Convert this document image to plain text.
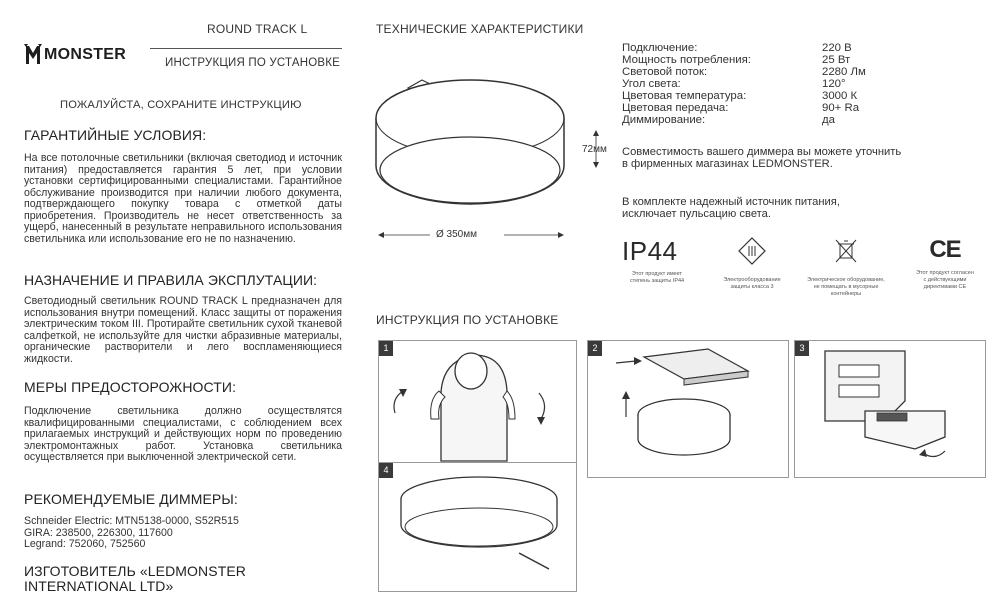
MONSTER
ROUND TRACK L
ИНСТРУКЦИЯ ПО УСТАНОВКЕ
ПОЖАЛУЙСТА, СОХРАНИТЕ ИНСТРУКЦИЮ
ГАРАНТИЙНЫЕ УСЛОВИЯ:
На все потолочные светильники (включая светодиод и источник питания) предоставляется гарантия 5 лет, при условии установки сертифицированными специалистами. Гарантийное обслуживание производится при наличии любого документа, подтверждающего покупку товара с отметкой даты приобретения. Производитель не несет ответственность за ущерб, нанесенный в результате неправильного использования светильника или использование его не по назначению.
НАЗНАЧЕНИЕ И ПРАВИЛА ЭКСПЛУТАЦИИ:
Светодиодный светильник ROUND TRACK L предназначен для использования внутри помещений. Класс защиты от поражения электрическим током III. Протирайте светильник сухой тканевой салфеткой, не используйте для чистки абразивные материалы, органические растворители и лего воспламеняющиеся жидкости.
МЕРЫ ПРЕДОСТОРОЖНОСТИ:
Подключение светильника должно осуществлятся квалифицированными специалистами, с соблюдением всех прилагаемых инструкций и действующих норм по проведению электромонтажных работ. Установка светильника осуществляется при выключенной электрической сети.
РЕКОМЕНДУЕМЫЕ ДИММЕРЫ:
Schneider Electric: MTN5138-0000, S52R515
GIRA: 238500, 226300, 117600
Legrand: 752060, 752560
ИЗГОТОВИТЕЛЬ «LEDMONSTER
INTERNATIONAL LTD»
ТЕХНИЧЕСКИЕ ХАРАКТЕРИСТИКИ
72мм
Ø 350мм
Подключение:	220 В
Мощность потребления:	25 Вт
Световой поток:	2280 Лм
Угол света:	120°
Цветовая температура:	3000 К
Цветовая передача:	90+ Ra
Диммирование:	да
Совместимость вашего диммера вы можете уточнить
в фирменных магазинах LEDMONSTER.
В комплекте надежный источник питания,
исключает пульсацию света.
IP44
Этот продукт имеет
степень защиты IP44	Электрооборудование
защиты класса 3
Электрическое оборудование,
не помещать в мусорные
контейнеры
CE
Этот продукт согласен
с действующими
директивами CE
ИНСТРУКЦИЯ ПО УСТАНОВКЕ
1	2	3
4
